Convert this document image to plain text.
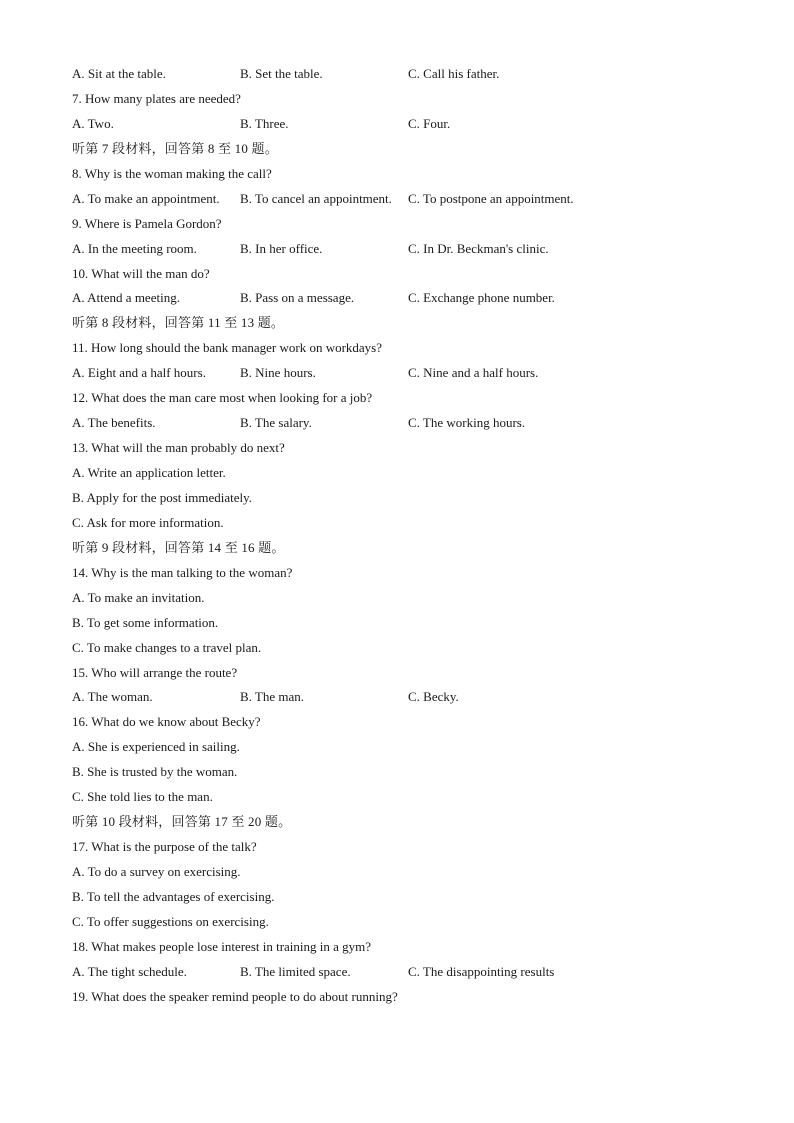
A. Sit at the table.	B. Set the table.	C. Call his father.
7. How many plates are needed?
A. Two.	B. Three.	C. Four.
听第 7 段材料，回答第 8 至 10 题。
8. Why is the woman making the call?
A. To make an appointment. B. To cancel an appointment. C. To postpone an appointment.
9. Where is Pamela Gordon?
A. In the meeting room.	B. In her office.	C. In Dr. Beckman's clinic.
10. What will the man do?
A. Attend a meeting.	B. Pass on a message.	C. Exchange phone number.
听第 8 段材料，回答第 11 至 13 题。
11. How long should the bank manager work on workdays?
A. Eight and a half hours.	B. Nine hours.	C. Nine and a half hours.
12. What does the man care most when looking for a job?
A. The benefits.	B. The salary.	C. The working hours.
13. What will the man probably do next?
A. Write an application letter.
B. Apply for the post immediately.
C. Ask for more information.
听第 9 段材料，回答第 14 至 16 题。
14. Why is the man talking to the woman?
A. To make an invitation.
B. To get some information.
C. To make changes to a travel plan.
15. Who will arrange the route?
A. The woman.	B. The man.	C. Becky.
16. What do we know about Becky?
A. She is experienced in sailing.
B. She is trusted by the woman.
C. She told lies to the man.
听第 10 段材料，回答第 17 至 20 题。
17. What is the purpose of the talk?
A. To do a survey on exercising.
B. To tell the advantages of exercising.
C. To offer suggestions on exercising.
18. What makes people lose interest in training in a gym?
A. The tight schedule.	B. The limited space.	C. The disappointing results
19. What does the speaker remind people to do about running?
